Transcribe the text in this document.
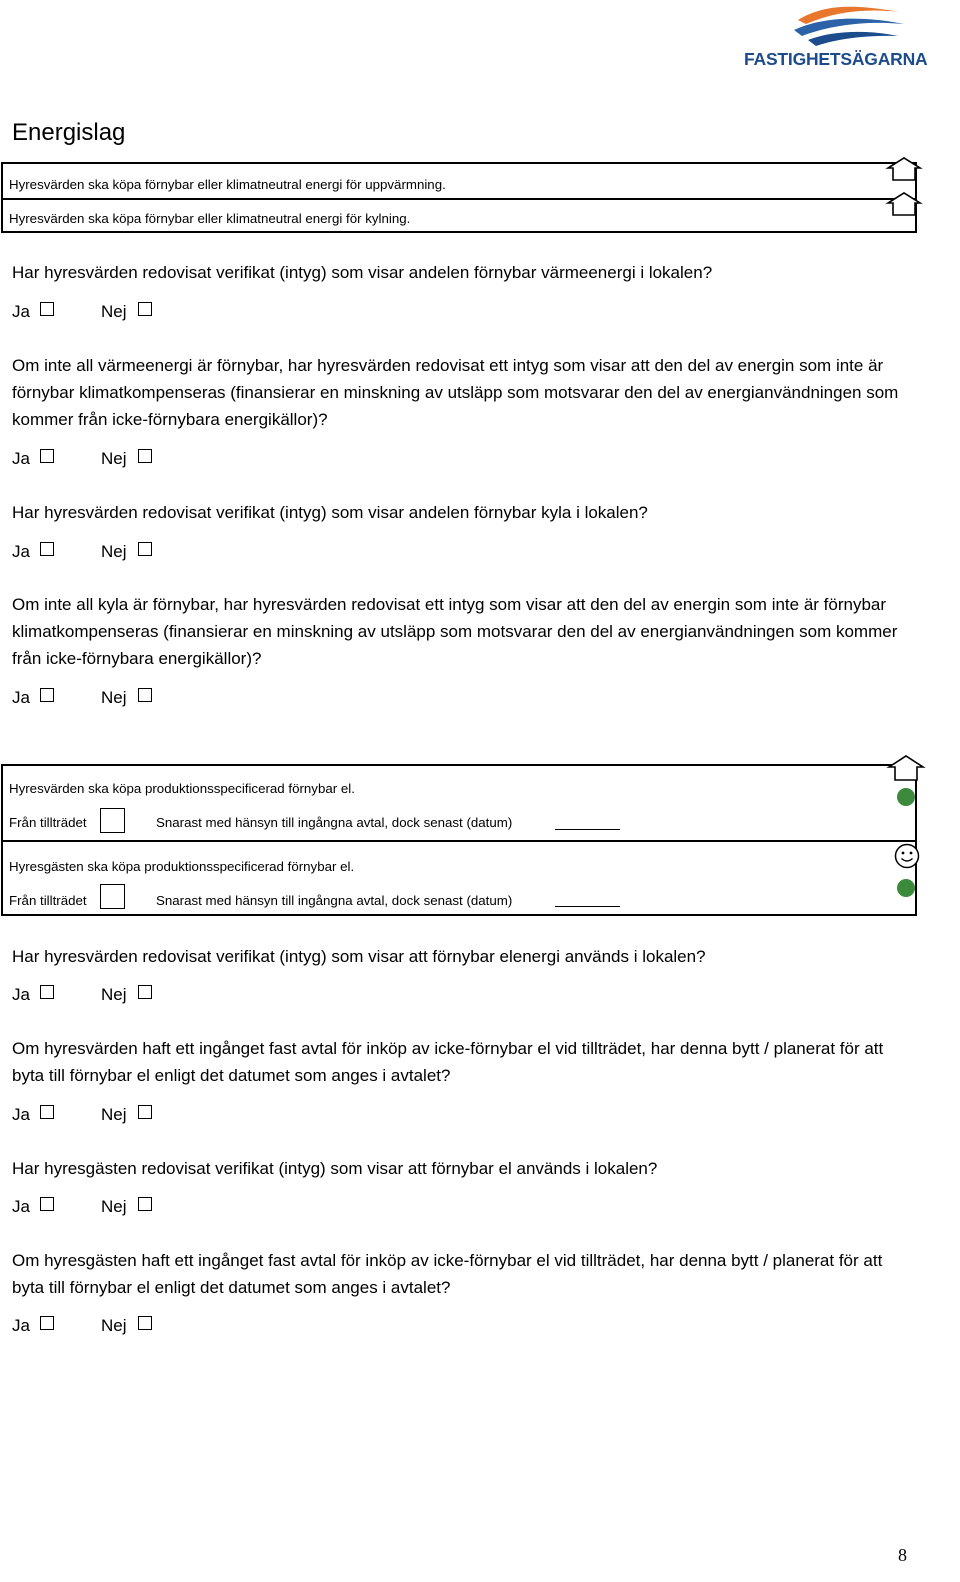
FASTIGHETSÄGARNA
Energislag
Hyresvärden ska köpa förnybar eller klimatneutral energi för uppvärmning.
Hyresvärden ska köpa förnybar eller klimatneutral energi för kylning.
Har hyresvärden redovisat verifikat (intyg) som visar andelen förnybar värmeenergi i lokalen?
Ja	Nej
Om inte all värmeenergi är förnybar, har hyresvärden redovisat ett intyg som visar att den del av energin som inte är förnybar klimatkompenseras (finansierar en minskning av utsläpp som motsvarar den del av energianvändningen som kommer från icke-förnybara energikällor)?
Ja	Nej
Har hyresvärden redovisat verifikat (intyg) som visar andelen förnybar kyla i lokalen?
Ja	Nej
Om inte all kyla är förnybar, har hyresvärden redovisat ett intyg som visar att den del av energin som inte är förnybar klimatkompenseras (finansierar en minskning av utsläpp som motsvarar den del av energianvändningen som kommer från icke-förnybara energikällor)?
Ja	Nej
Hyresvärden ska köpa produktionsspecificerad förnybar el.
Från tillträdet	Snarast med hänsyn till ingångna avtal, dock senast (datum)
Hyresgästen ska köpa produktionsspecificerad förnybar el.
Från tillträdet	Snarast med hänsyn till ingångna avtal, dock senast (datum)
Har hyresvärden redovisat verifikat (intyg) som visar att förnybar elenergi används i lokalen?
Ja	Nej
Om hyresvärden haft ett ingånget fast avtal för inköp av icke-förnybar el vid tillträdet, har denna bytt / planerat för att byta till förnybar el enligt det datumet som anges i avtalet?
Ja	Nej
Har hyresgästen redovisat verifikat (intyg) som visar att förnybar el används i lokalen?
Ja	Nej
Om hyresgästen haft ett ingånget fast avtal för inköp av icke-förnybar el vid tillträdet, har denna bytt / planerat för att byta till förnybar el enligt det datumet som anges i avtalet?
Ja	Nej
8
